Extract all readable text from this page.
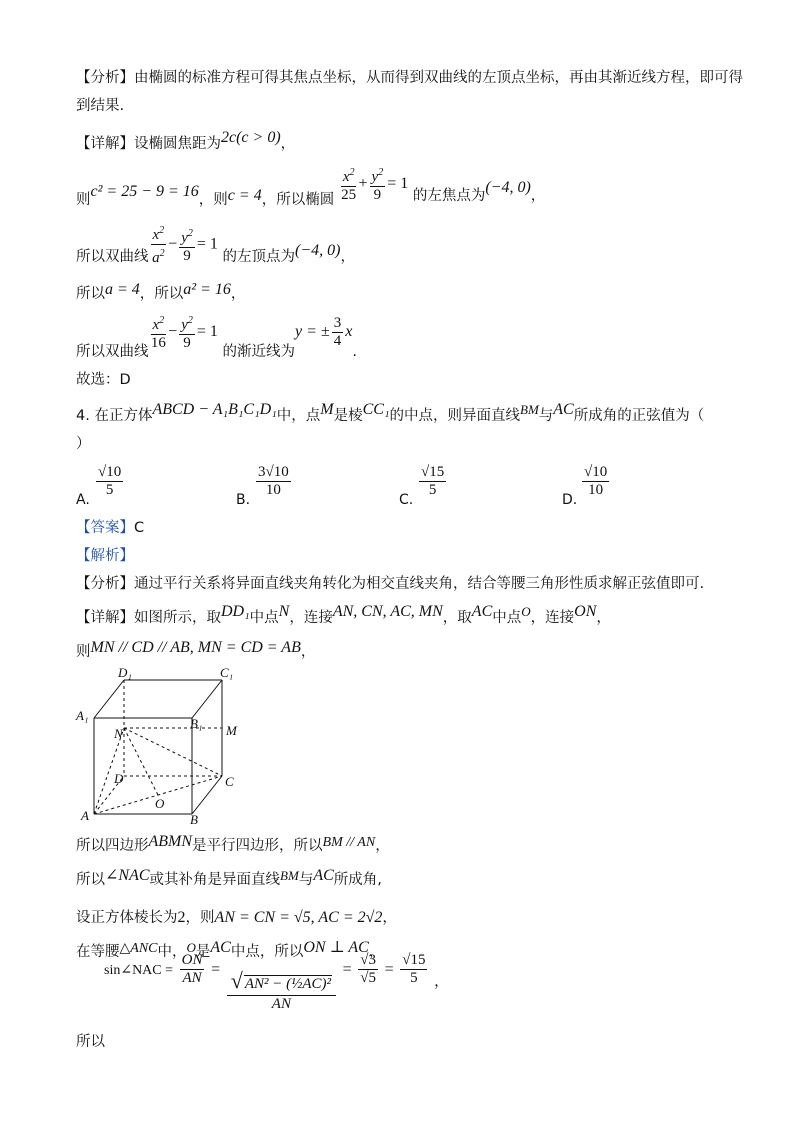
【分析】由椭圆的标准方程可得其焦点坐标，从而得到双曲线的左顶点坐标，再由其渐近线方程，即可得
到结果.
【详解】设椭圆焦距为2c(c > 0)，
则c² = 25 − 9 = 16，则c = 4，所以椭圆 $\frac{x^2}{25} + \frac{y^2}{9} = 1$ 的左焦点为(−4, 0)，
所以双曲线 $\frac{x^2}{a^2} - \frac{y^2}{9} = 1$ 的左顶点为(−4, 0)，
所以a = 4，所以a² = 16，
所以双曲线 $\frac{x^2}{16} - \frac{y^2}{9} = 1$ 的渐近线为y = ± $\frac{3}{4} x$.
故选：D
4. 在正方体ABCD − A₁B₁C₁D₁中，点M是棱CC₁的中点，则异面直线BM与AC所成角的正弦值为（
）
A.
$\frac{√10}{5}$
B.
$\frac{3√10}{10}$
C.
$\frac{√15}{5}$
D.
$\frac{√10}{10}$
【答案】C
【解析】
【分析】通过平行关系将异面直线夹角转化为相交直线夹角，结合等腰三角形性质求解正弦值即可.
【详解】如图所示，取DD₁中点N，连接AN, CN, AC, MN，取AC中点O，连接ON，
则MN // CD // AB, MN = CD = AB，
D₁	C₁
A₁
B₁
N	M
D	C
O
A	B
所以四边形ABMN是平行四边形，所以BM // AN，
所以∠NAC或其补角是异面直线BM与AC所成角,
设正方体棱长为2，则AN = CN = √5, AC = 2√2，
在等腰△ANC中，O是AC中点，所以ON ⊥ AC，
所以
sin∠NAC = $\frac{ON}{AN}$ =
$\frac{\text{√ AN² − (½AC)²}}{AN}$
= $\frac{√3}{√5} = \frac{√15}{5}$ ，
